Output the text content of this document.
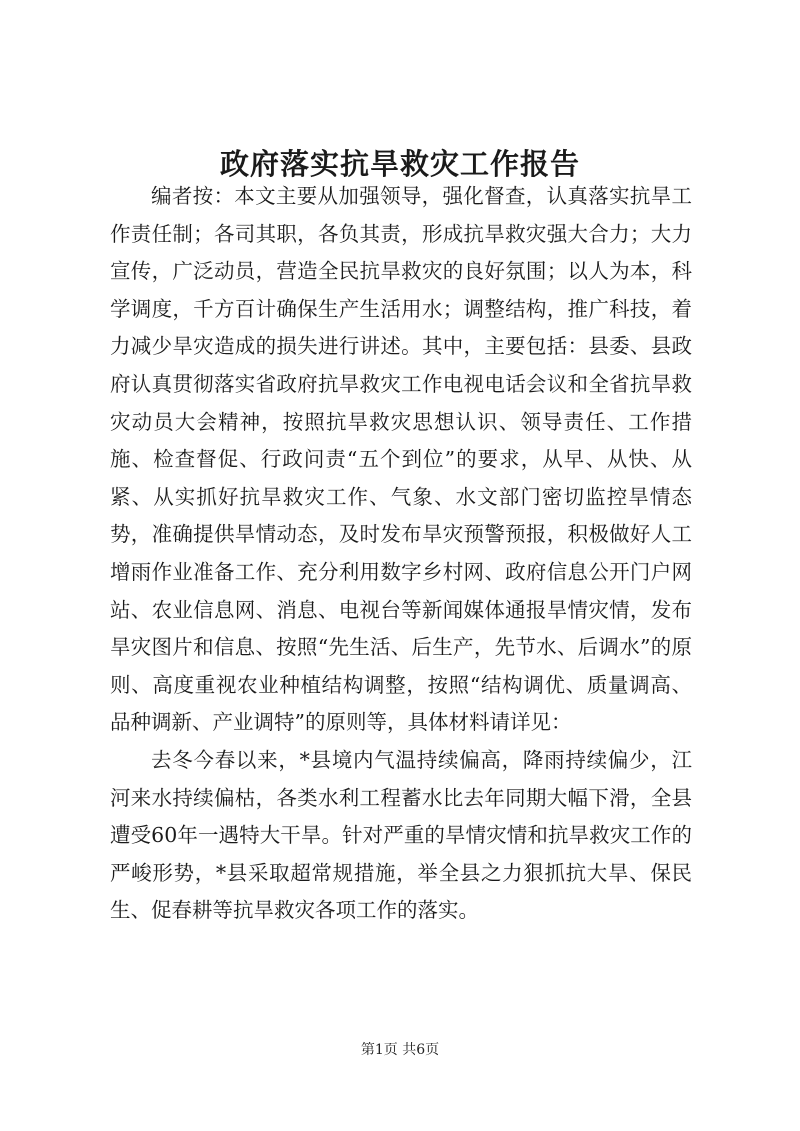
政府落实抗旱救灾工作报告

编者按：本文主要从加强领导，强化督查，认真落实抗旱工作责任制；各司其职，各负其责，形成抗旱救灾强大合力；大力宣传，广泛动员，营造全民抗旱救灾的良好氛围；以人为本，科学调度，千方百计确保生产生活用水；调整结构，推广科技，着力减少旱灾造成的损失进行讲述。其中，主要包括：县委、县政府认真贯彻落实省政府抗旱救灾工作电视电话会议和全省抗旱救灾动员大会精神，按照抗旱救灾思想认识、领导责任、工作措施、检查督促、行政问责“五个到位”的要求，从早、从快、从紧、从实抓好抗旱救灾工作、气象、水文部门密切监控旱情态势，准确提供旱情动态，及时发布旱灾预警预报，积极做好人工增雨作业准备工作、充分利用数字乡村网、政府信息公开门户网站、农业信息网、消息、电视台等新闻媒体通报旱情灾情，发布旱灾图片和信息、按照“先生活、后生产，先节水、后调水”的原则、高度重视农业种植结构调整，按照“结构调优、质量调高、品种调新、产业调特”的原则等，具体材料请详见：

去冬今春以来，*县境内气温持续偏高，降雨持续偏少，江河来水持续偏枯，各类水利工程蓄水比去年同期大幅下滑，全县遭受60年一遇特大干旱。针对严重的旱情灾情和抗旱救灾工作的严峻形势，*县采取超常规措施，举全县之力狠抓抗大旱、保民生、促春耕等抗旱救灾各项工作的落实。

第1页 共6页
